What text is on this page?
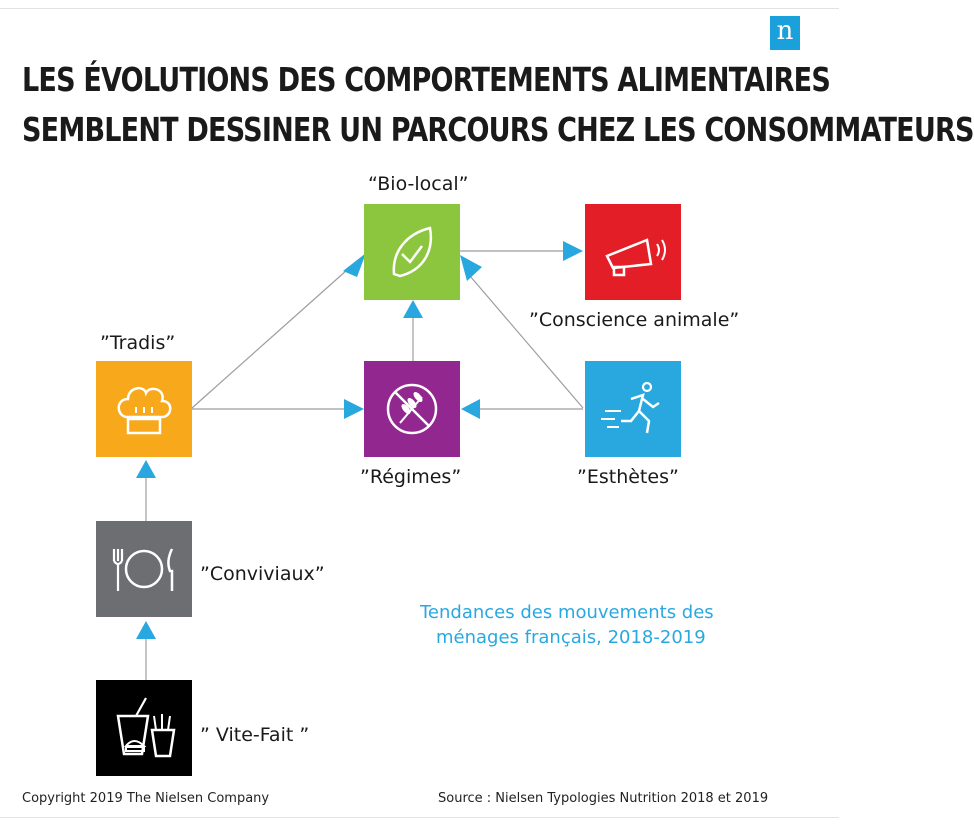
n
LES ÉVOLUTIONS DES COMPORTEMENTS ALIMENTAIRES
SEMBLENT DESSINER UN PARCOURS CHEZ LES CONSOMMATEURS
“Bio-local”
”Conscience animale”
”Tradis”
”Régimes”	”Esthètes”
”Conviviaux”
” Vite-Fait ”
Tendances des mouvements des
ménages français, 2018-2019
Copyright 2019 The Nielsen Company	Source : Nielsen Typologies Nutrition 2018 et 2019
